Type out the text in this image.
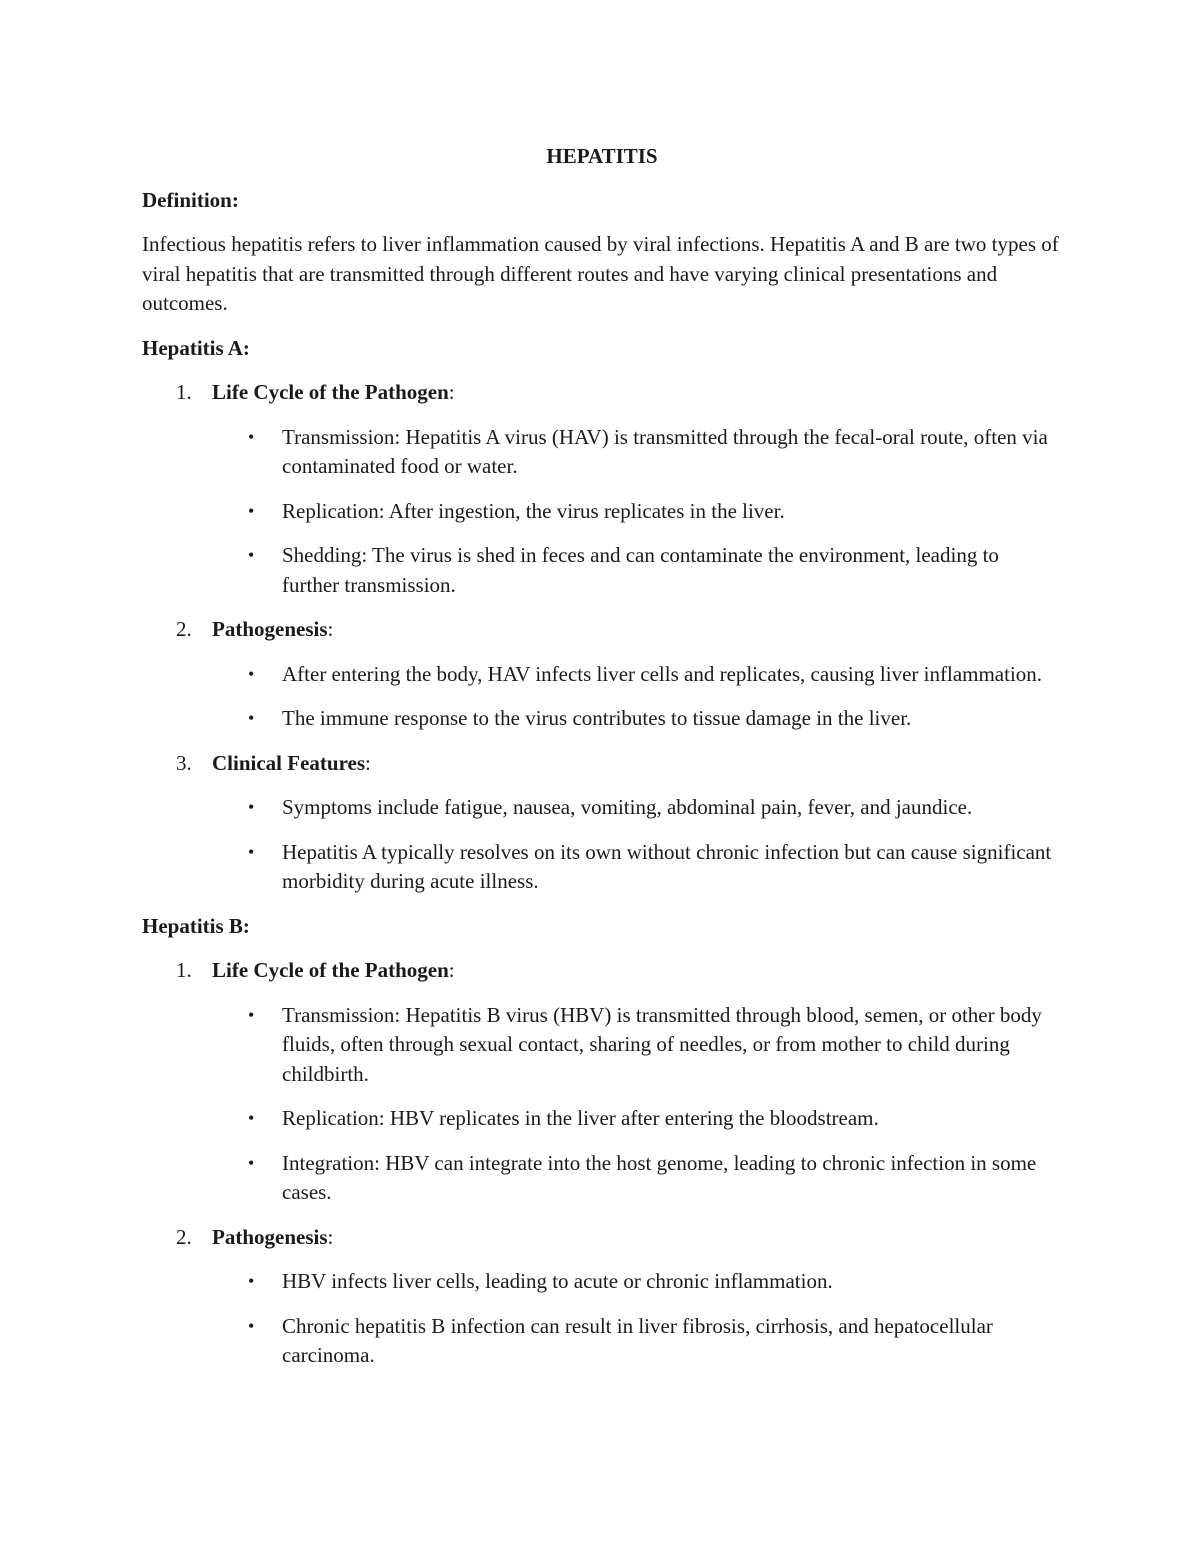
HEPATITIS
Definition:
Infectious hepatitis refers to liver inflammation caused by viral infections. Hepatitis A and B are two types of viral hepatitis that are transmitted through different routes and have varying clinical presentations and outcomes.
Hepatitis A:
1. Life Cycle of the Pathogen:
• Transmission: Hepatitis A virus (HAV) is transmitted through the fecal-oral route, often via contaminated food or water.
• Replication: After ingestion, the virus replicates in the liver.
• Shedding: The virus is shed in feces and can contaminate the environment, leading to further transmission.
2. Pathogenesis:
• After entering the body, HAV infects liver cells and replicates, causing liver inflammation.
• The immune response to the virus contributes to tissue damage in the liver.
3. Clinical Features:
• Symptoms include fatigue, nausea, vomiting, abdominal pain, fever, and jaundice.
• Hepatitis A typically resolves on its own without chronic infection but can cause significant morbidity during acute illness.
Hepatitis B:
1. Life Cycle of the Pathogen:
• Transmission: Hepatitis B virus (HBV) is transmitted through blood, semen, or other body fluids, often through sexual contact, sharing of needles, or from mother to child during childbirth.
• Replication: HBV replicates in the liver after entering the bloodstream.
• Integration: HBV can integrate into the host genome, leading to chronic infection in some cases.
2. Pathogenesis:
• HBV infects liver cells, leading to acute or chronic inflammation.
• Chronic hepatitis B infection can result in liver fibrosis, cirrhosis, and hepatocellular carcinoma.
